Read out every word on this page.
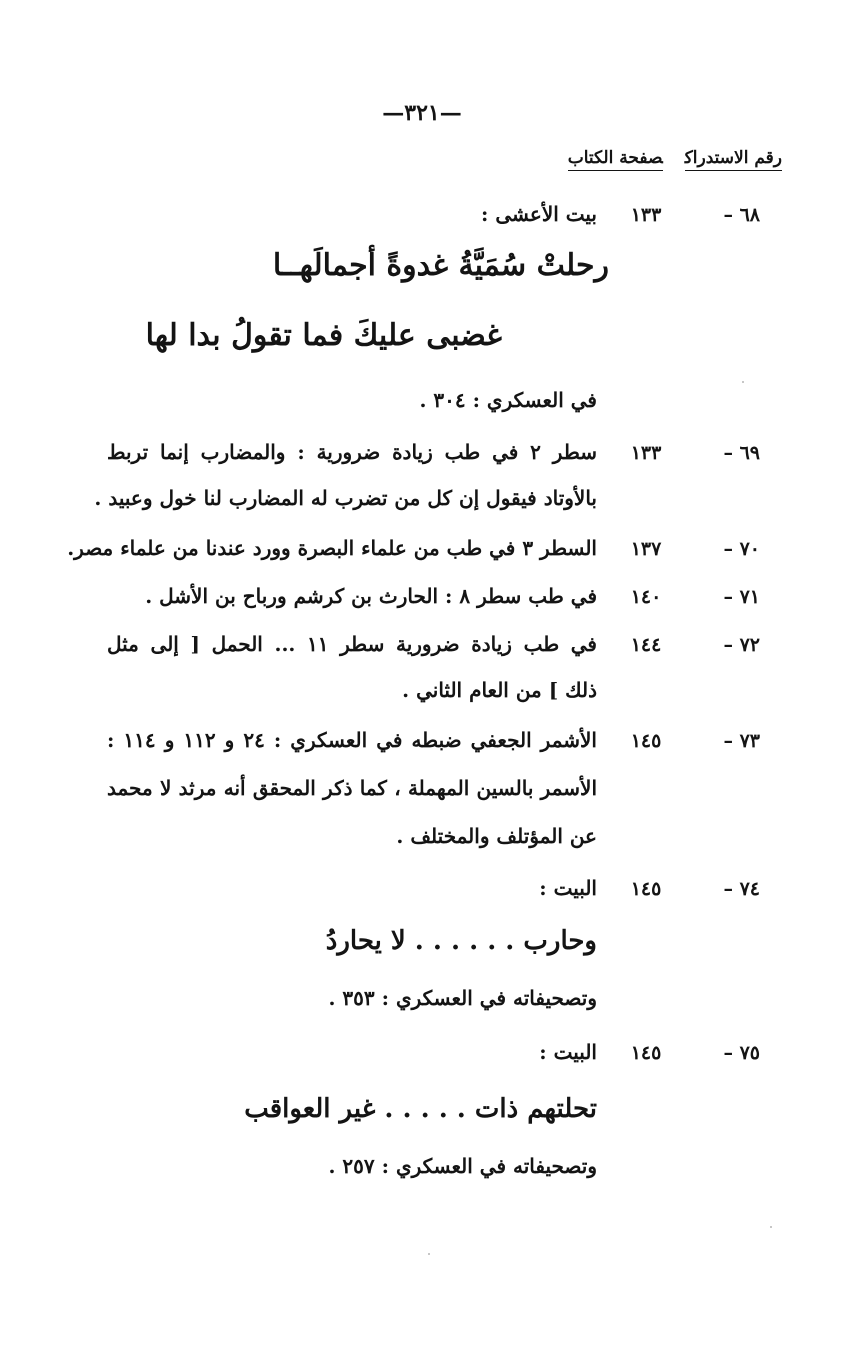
—٣٢١—
رقم الاستدراكصفحة الكتاب
٦٨ –
١٣٣
بيت الأعشى :
رحلتْ سُمَيَّةُ غدوةً أجمالَهــا
غضبى عليكَ فما تقولُ بدا لها
في العسكري : ٣٠٤ .
٦٩ –
١٣٣
سطر ٢ في طب زيادة ضرورية : والمضارب إنما تربط
بالأوتاد فيقول إن كل من تضرب له المضارب لنا خول وعبيد .
٧٠ –
١٣٧
السطر ٣ في طب من علماء البصرة وورد عندنا من علماء مصر.
٧١ –
١٤٠
في طب سطر ٨ : الحارث بن كرشم ورباح بن الأشل .
٧٢ –
١٤٤
في طب زيادة ضرورية سطر ١١ ... الحمل [ إلى مثل
ذلك ] من العام الثاني .
٧٣ –
١٤٥
الأشمر الجعفي ضبطه في العسكري : ٢٤ و ١١٢ و ١١٤ :
الأسمر بالسين المهملة ، كما ذكر المحقق أنه مرثد لا محمد
عن المؤتلف والمختلف .
٧٤ –
١٤٥
البيت :
وحارب . . . . . . لا يحاردُ
وتصحيفاته في العسكري : ٣٥٣ .
٧٥ –
١٤٥
البيت :
تحلتهم ذات . . . . . غير العواقب
وتصحيفاته في العسكري : ٢٥٧ .
